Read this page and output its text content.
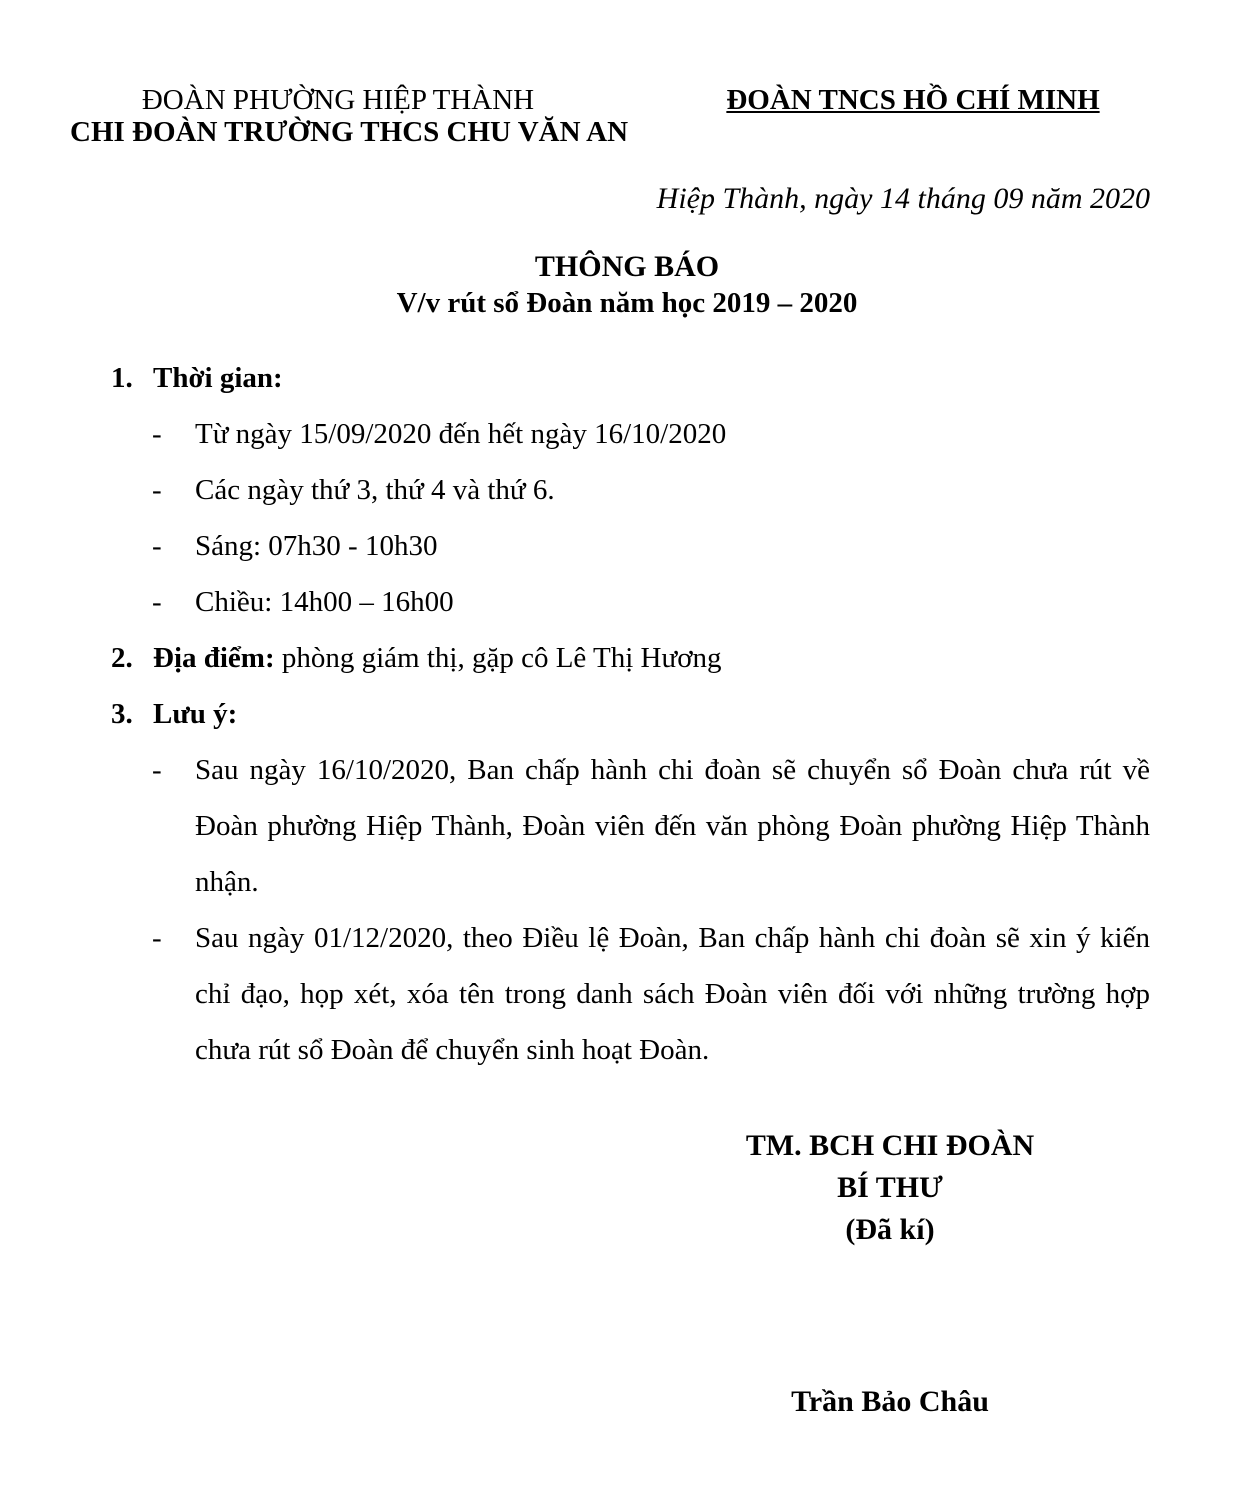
ĐOÀN PHƯỜNG HIỆP THÀNH
CHI ĐOÀN TRƯỜNG THCS CHU VĂN AN
ĐOÀN TNCS HỒ CHÍ MINH
Hiệp Thành, ngày 14 tháng 09 năm 2020
THÔNG BÁO
V/v rút sổ Đoàn năm học 2019 – 2020
1. Thời gian:
- Từ ngày 15/09/2020 đến hết ngày 16/10/2020
- Các ngày thứ 3, thứ 4 và thứ 6.
- Sáng: 07h30 - 10h30
- Chiều: 14h00 – 16h00
2. Địa điểm: phòng giám thị, gặp cô Lê Thị Hương
3. Lưu ý:
- Sau ngày 16/10/2020, Ban chấp hành chi đoàn sẽ chuyển sổ Đoàn chưa rút về Đoàn phường Hiệp Thành, Đoàn viên đến văn phòng Đoàn phường Hiệp Thành nhận.
- Sau ngày 01/12/2020, theo Điều lệ Đoàn, Ban chấp hành chi đoàn sẽ xin ý kiến chỉ đạo, họp xét, xóa tên trong danh sách Đoàn viên đối với những trường hợp chưa rút sổ Đoàn để chuyển sinh hoạt Đoàn.
TM. BCH CHI ĐOÀN
BÍ THƯ
(Đã kí)
Trần Bảo Châu
